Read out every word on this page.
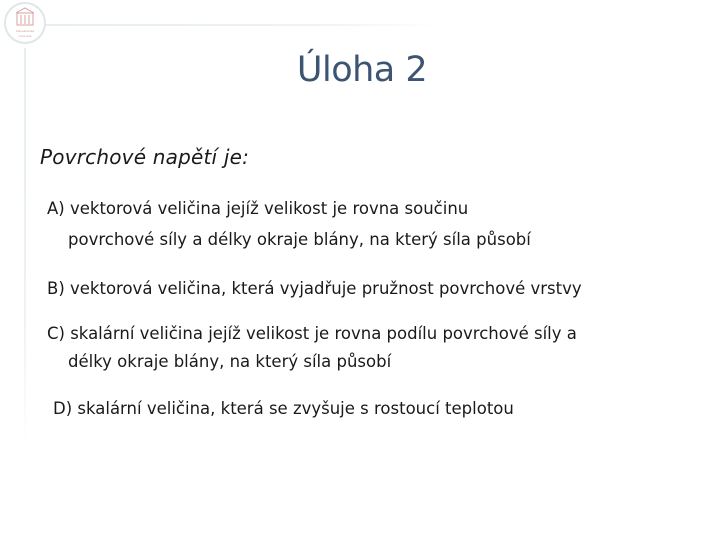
Západočeská
univerzita
Úloha 2
Povrchové napětí je:
A) vektorová veličina jejíž velikost je rovna součinu
povrchové síly a délky okraje blány, na který síla působí
B) vektorová veličina, která vyjadřuje pružnost povrchové vrstvy
C) skalární veličina jejíž velikost je rovna podílu povrchové síly a
délky okraje blány, na který síla působí
D) skalární veličina, která se zvyšuje s rostoucí teplotou
